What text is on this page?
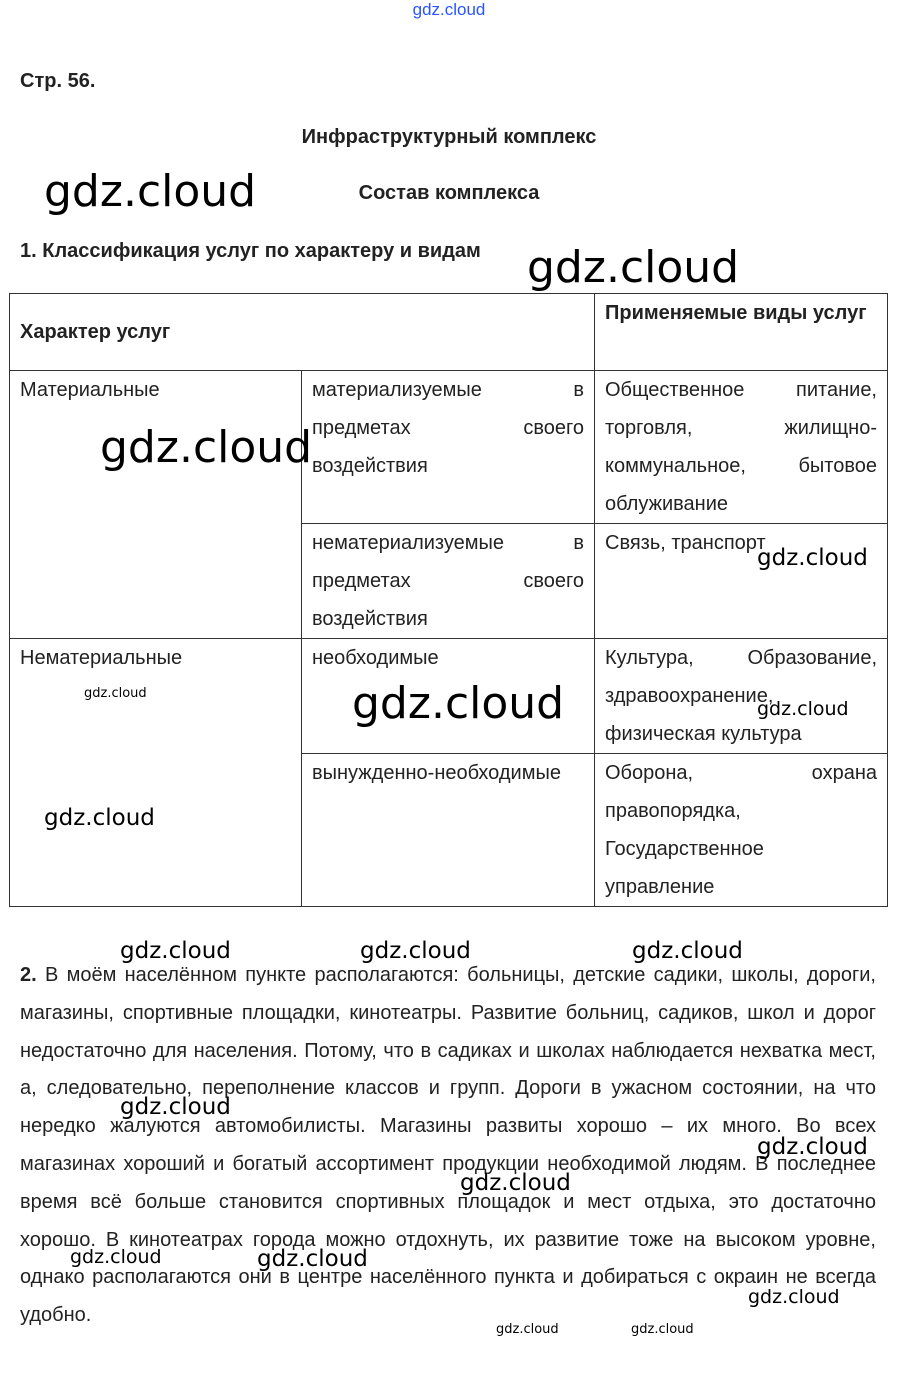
gdz.cloud
Стр. 56.
Инфраструктурный комплекс
Состав комплекса
1. Классификация услуг по характеру и видам
Характер услуг		Применяемые виды услуг
Материальные	материализуемые в предметах своего воздействия	Общественное питание, торговля, жилищно-коммунальное, бытовое облуживание
	нематериализуемые в предметах своего воздействия	Связь, транспорт
Нематериальные	необходимые	Культура, Образование, здравоохранение, физическая культура
	вынужденно-необходимые	Оборона, охрана правопорядка, Государственное управление
2. В моём населённом пункте располагаются: больницы, детские садики, школы, дороги, магазины, спортивные площадки, кинотеатры. Развитие больниц, садиков, школ и дорог недостаточно для населения. Потому, что в садиках и школах наблюдается нехватка мест, а, следовательно, переполнение классов и групп. Дороги в ужасном состоянии, на что нередко жалуются автомобилисты. Магазины развиты хорошо – их много. Во всех магазинах хороший и богатый ассортимент продукции необходимой людям. В последнее время всё больше становится спортивных площадок и мест отдыха, это достаточно хорошо. В кинотеатрах города можно отдохнуть, их развитие тоже на высоком уровне, однако располагаются они в центре населённого пункта и добираться с окраин не всегда удобно.
gdz.cloud
gdz.cloud
gdz.cloud
gdz.cloud
gdz.cloud	gdz.cloud	gdz.cloud
gdz.cloud
gdz.cloud	gdz.cloud	gdz.cloud
gdz.cloud
gdz.cloud
gdz.cloud
gdz.cloud	gdz.cloud
gdz.cloud
gdz.cloud	gdz.cloud
